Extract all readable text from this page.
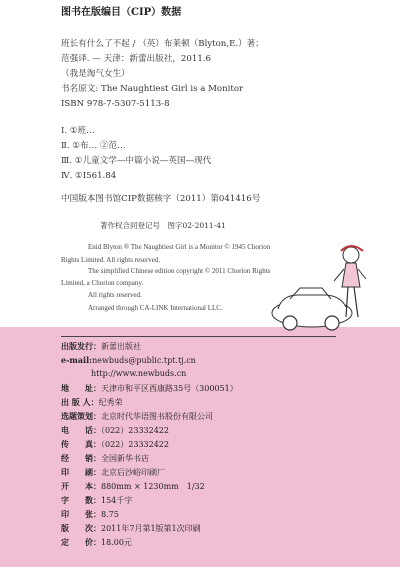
图书在版编目（CIP）数据
班长有什么了不起 / （英）布莱顿（Blyton,E.）著；
范强译. — 天津：新蕾出版社，2011.6
（我是淘气女生）
书名原文: The Naughtiest Girl is a Monitor
ISBN 978-7-5307-5113-8
Ⅰ. ①班…
Ⅱ. ①布… ②范…
Ⅲ. ①儿童文学—中篇小说—英国—现代
Ⅳ. ①I561.84
中国版本图书馆CIP数据核字（2011）第041416号
著作权合同登记号　图字02-2011-41
Enid Blyton ® The Naughtiest Girl is a Monitor © 1945 Chorion
Rights Limited. All rights reserved.
The simplified Chinese edition copyright © 2011 Chorion Rights
Limited, a Chorion company.
All rights reserved.
Arranged through CA-LINK International LLC.
出版发行：新蕾出版社
e-mail:newbuds@public.tpt.tj.cn
http://www.newbuds.cn
地　　址：天津市和平区西康路35号（300051）
出 版 人：纪秀荣
选题策划：北京时代华语图书股份有限公司
电　　话：（022）23332422
传　　真：（022）23332422
经　　销：全国新华书店
印　　刷：北京后沙峪印刷厂
开　　本：880mm × 1230mm　1/32
字　　数：154千字
印　　张：8.75
版　　次：2011年7月第1版第1次印刷
定　　价：18.00元
